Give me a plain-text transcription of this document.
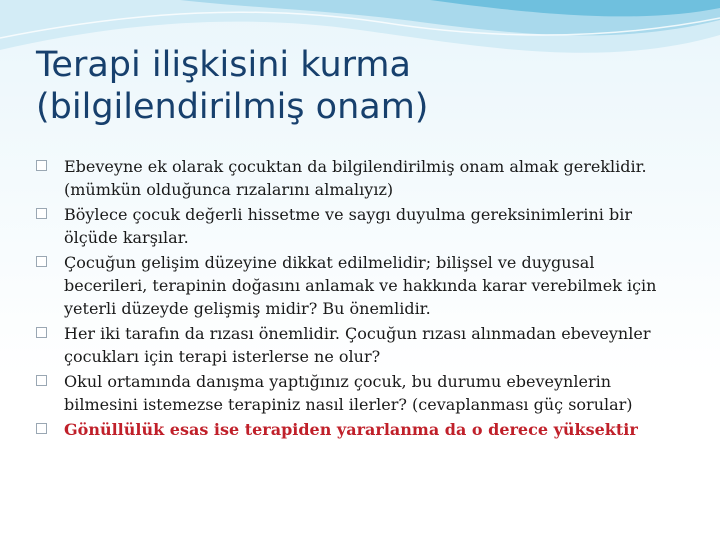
Terapi ilişkisini kurma
(bilgilendirilmiş onam)
Ebeveyne ek olarak çocuktan da bilgilendirilmiş onam almak gereklidir. (mümkün olduğunca rızalarını almalıyız)
Böylece çocuk değerli hissetme ve saygı duyulma gereksinimlerini bir ölçüde karşılar.
Çocuğun gelişim düzeyine dikkat edilmelidir; bilişsel ve duygusal becerileri, terapinin doğasını anlamak ve hakkında karar verebilmek için yeterli düzeyde gelişmiş midir? Bu önemlidir.
Her iki tarafın da rızası önemlidir. Çocuğun rızası alınmadan ebeveynler çocukları için terapi isterlerse ne olur?
Okul ortamında danışma yaptığınız çocuk, bu durumu ebeveynlerin bilmesini istemezse terapiniz nasıl ilerler? (cevaplanması güç sorular)
Gönüllülük esas ise terapiden yararlanma da o derece yüksektir
